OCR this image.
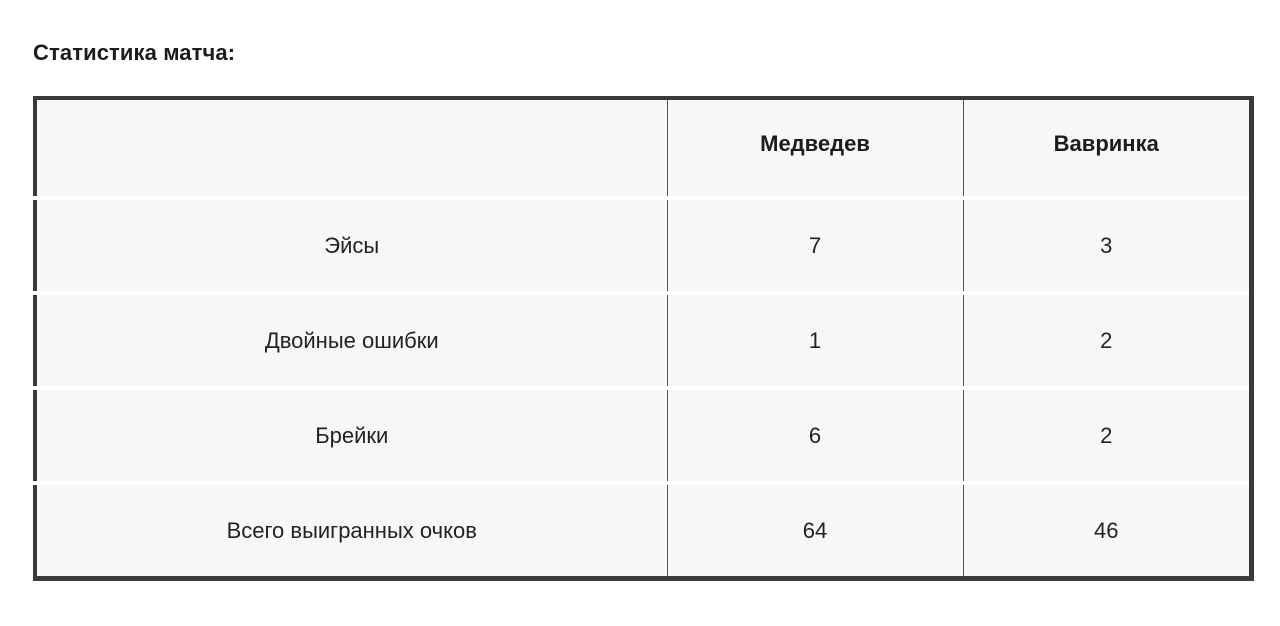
Статистика матча:
	Медведев	Вавринка
Эйсы	7	3
Двойные ошибки	1	2
Брейки	6	2
Всего выигранных очков	64	46
